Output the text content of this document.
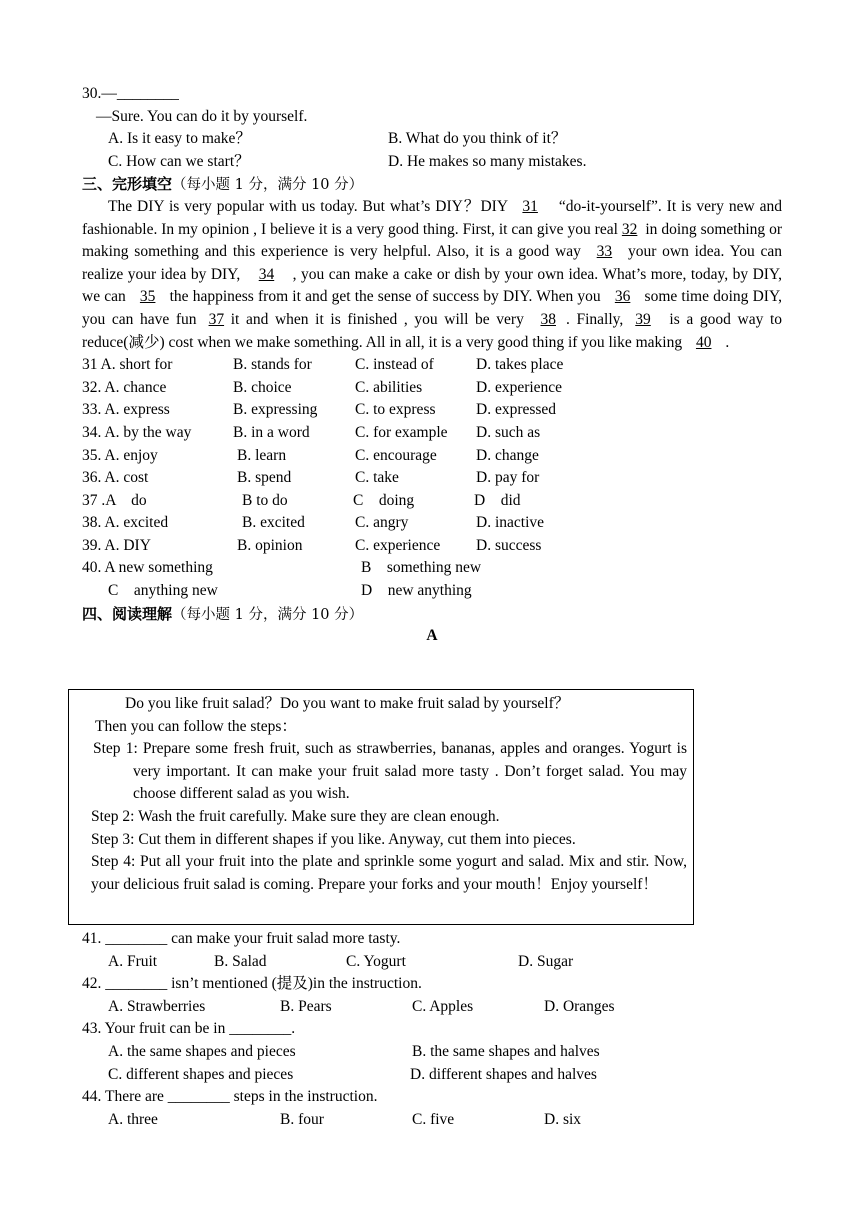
30.—________
—Sure. You can do it by yourself.
A. Is it easy to make？	B. What do you think of it？
C. How can we start？	D. He makes so many mistakes.
三、完形填空（每小题 1 分，满分 10 分）
The DIY is very popular with us today. But what’s DIY？DIY 31 “do-it-yourself”. It is very new and fashionable. In my opinion , I believe it is a very good thing. First, it can give you real 32 in doing something or making something and this experience is very helpful. Also, it is a good way 33 your own idea. You can realize your idea by DIY, 34 , you can make a cake or dish by your own idea. What’s more, today, by DIY, we can 35 the happiness from it and get the sense of success by DIY. When you 36 some time doing DIY, you can have fun 37 it and when it is finished , you will be very 38 . Finally, 39 is a good way to reduce(减少) cost when we make something. All in all, it is a very good thing if you like making 40 .
31 A. short for	B. stands for	C. instead of	D. takes place
32. A. chance	B. choice	C. abilities	D. experience
33. A. express	B. expressing C. to express	D. expressed
34. A. by the way	B. in a word	C. for example D. such as
35. A. enjoy	B. learn	C. encourage	D. change
36. A. cost	B. spend	C. take	D. pay for
37 .A　do	B to do	C　doing	D　did
38. A. excited	B. excited	C. angry	D. inactive
39. A. DIY	B. opinion	C. experience D. success
40. A new something	B　something new
C　anything new	D　new anything
四、阅读理解（每小题 1 分，满分 10 分）
A
Do you like fruit salad？Do you want to make fruit salad by yourself？
Then you can follow the steps：
Step 1: Prepare some fresh fruit, such as strawberries, bananas, apples and oranges. Yogurt is very important. It can make your fruit salad more tasty . Don’t forget salad. You may choose different salad as you wish.
Step 2: Wash the fruit carefully. Make sure they are clean enough.
Step 3: Cut them in different shapes if you like. Anyway, cut them into pieces.
Step 4: Put all your fruit into the plate and sprinkle some yogurt and salad. Mix and stir. Now, your delicious fruit salad is coming. Prepare your forks and your mouth！Enjoy yourself！
41. ________ can make your fruit salad more tasty.
A. Fruit	B. Salad	C. Yogurt	D. Sugar
42. ________ isn’t mentioned (提及)in the instruction.
A. Strawberries	B. Pears	C. Apples	D. Oranges
43. Your fruit can be in ________.
A. the same shapes and pieces	B. the same shapes and halves
C. different shapes and pieces	D. different shapes and halves
44. There are ________ steps in the instruction.
A. three	B. four	C. five	D. six
